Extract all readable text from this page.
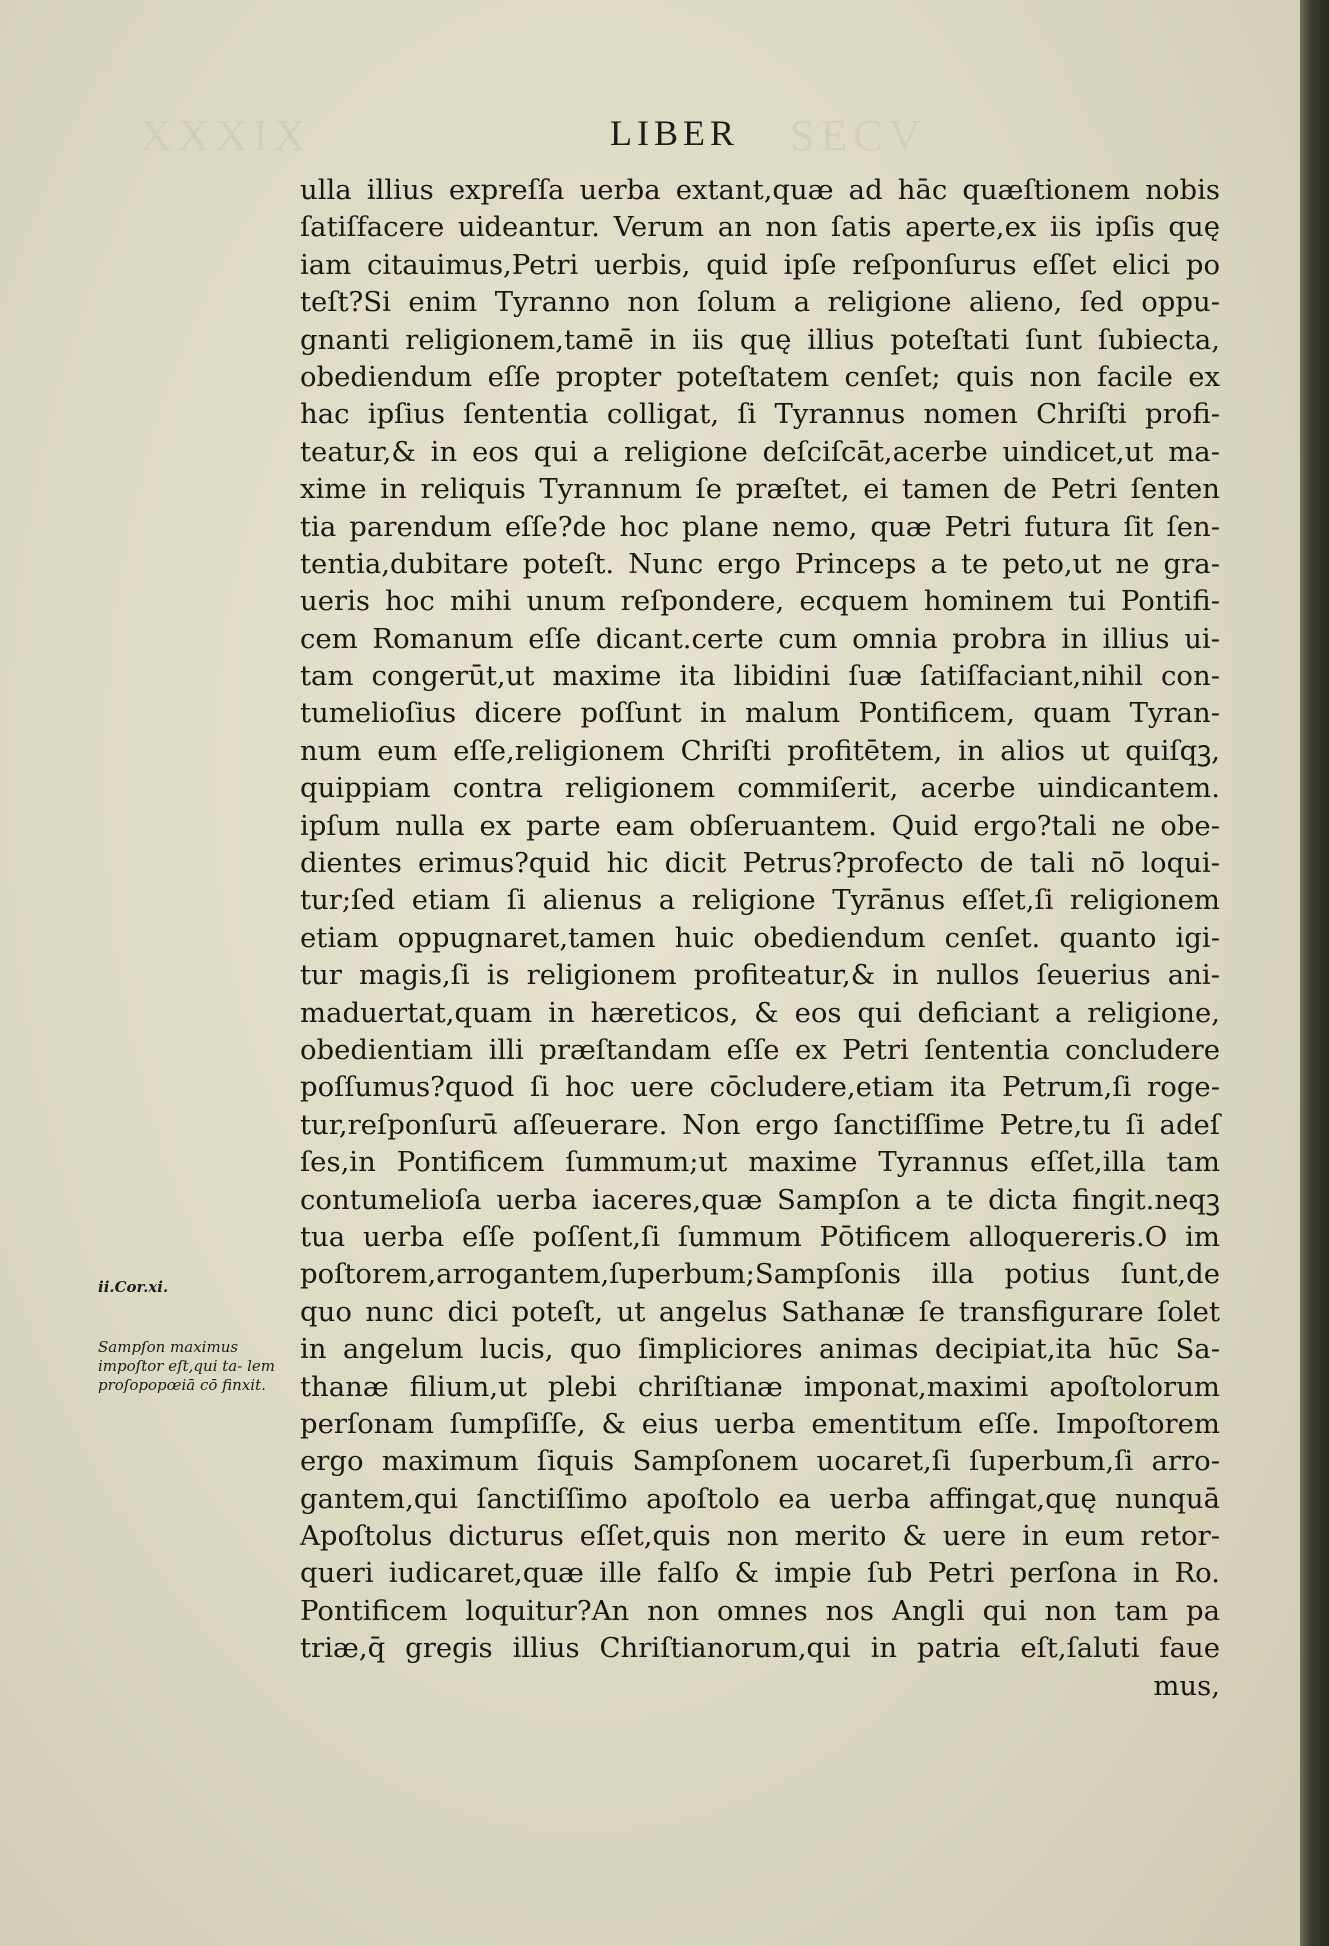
XXXIX	SECV
LIBER
ulla illius expreſſa uerba extant,quæ ad hāc quæſtionem nobis
ſatiſfacere uideantur. Verum an non ſatis aperte,ex iis ipſis quę
iam citauimus,Petri uerbis, quid ipſe reſponſurus eſſet elici po
teſt?Si enim Tyranno non ſolum a religione alieno, ſed oppu-
gnanti religionem,tamē in iis quę illius poteſtati ſunt ſubiecta,
obediendum eſſe propter poteſtatem cenſet; quis non facile ex
hac ipſius ſententia colligat, ſi Tyrannus nomen Chriſti profi-
teatur,& in eos qui a religione deſciſcāt,acerbe uindicet,ut ma-
xime in reliquis Tyrannum ſe præſtet, ei tamen de Petri ſenten
tia parendum eſſe?de hoc plane nemo, quæ Petri futura ſit ſen-
tentia,dubitare poteſt. Nunc ergo Princeps a te peto,ut ne gra-
ueris hoc mihi unum reſpondere, ecquem hominem tui Pontifi-
cem Romanum eſſe dicant.certe cum omnia probra in illius ui-
tam congerūt,ut maxime ita libidini ſuæ ſatiſfaciant,nihil con-
tumelioſius dicere poſſunt in malum Pontificem, quam Tyran-
num eum eſſe,religionem Chriſti profitētem, in alios ut quiſqꝫ,
quippiam contra religionem commiſerit, acerbe uindicantem.
ipſum nulla ex parte eam obſeruantem. Quid ergo?tali ne obe-
dientes erimus?quid hic dicit Petrus?profecto de tali nō loqui-
tur;ſed etiam ſi alienus a religione Tyrānus eſſet,ſi religionem
etiam oppugnaret,tamen huic obediendum cenſet. quanto igi-
tur magis,ſi is religionem profiteatur,& in nullos ſeuerius ani-
maduertat,quam in hæreticos, & eos qui deficiant a religione,
obedientiam illi præſtandam eſſe ex Petri ſententia concludere
poſſumus?quod ſi hoc uere cōcludere,etiam ita Petrum,ſi roge-
tur,reſponſurū aſſeuerare. Non ergo ſanctiſſime Petre,tu ſi adeſ
ſes,in Pontificem ſummum;ut maxime Tyrannus eſſet,illa tam
contumelioſa uerba iaceres,quæ Sampſon a te dicta fingit.neqꝫ
tua uerba eſſe poſſent,ſi ſummum Pōtificem alloquereris.O im
poſtorem,arrogantem,ſuperbum;Sampſonis illa potius ſunt,de
quo nunc dici poteſt, ut angelus Sathanæ ſe transfigurare ſolet
in angelum lucis, quo ſimpliciores animas decipiat,ita hūc Sa-
thanæ filium,ut plebi chriſtianæ imponat,maximi apoſtolorum
perſonam ſumpſiſſe, & eius uerba ementitum eſſe. Impoſtorem
ergo maximum ſiquis Sampſonem uocaret,ſi ſuperbum,ſi arro-
gantem,qui ſanctiſſimo apoſtolo ea uerba affingat,quę nunquā
Apoſtolus dicturus eſſet,quis non merito & uere in eum retor-
queri iudicaret,quæ ille falſo & impie ſub Petri perſona in Ro.
Pontificem loquitur?An non omnes nos Angli qui non tam pa
triæ,q̄ gregis illius Chriſtianorum,qui in patria eſt,ſaluti faue
mus,
ii.Cor.xi.
Sampſon maximus impoſtor eſt,qui ta- lem proſopopœiā cō finxit.
